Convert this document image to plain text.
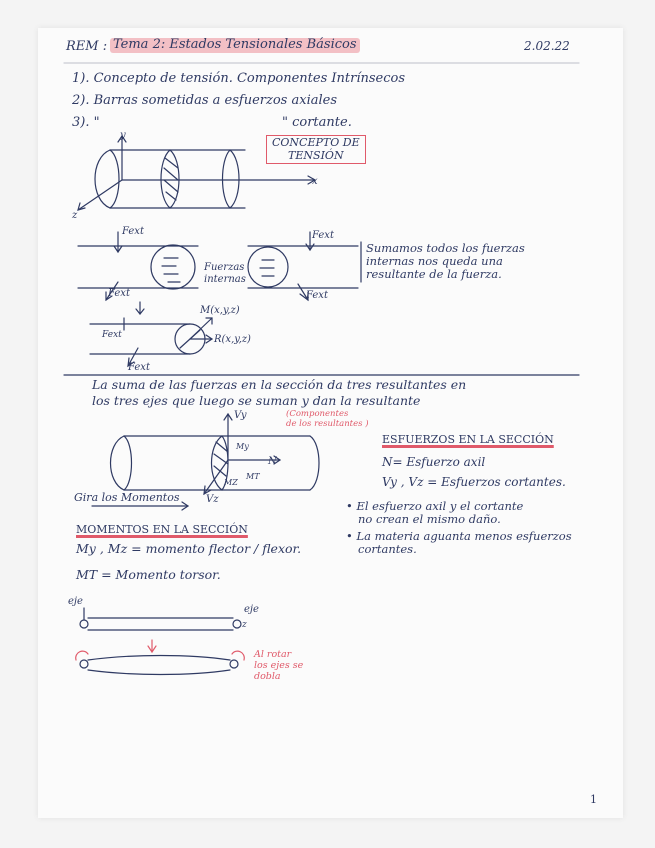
REM : Tema 2: Estados Tensionales Básicos	2.02.22
1). Concepto de tensión. Componentes Intrínsecos
2). Barras sometidas a esfuerzos axiales
3). "	" cortante.
CONCEPTO DE
TENSIÓN
y
x
z
Fext
Fext
Fuerzas
internas
Fext
Fext
Sumamos todos los fuerzas
internas nos queda una
resultante de la fuerza.
M(x,y,z)
R(x,y,z)
Fext
Fext
La suma de las fuerzas en la sección da tres resultantes en
los tres ejes que luego se suman y dan la resultante
Vy	(Componentes
de los resultantes )
My
MT
MZ
N
Vz
Gira los Momentos
ESFUERZOS EN LA SECCIÓN
N= Esfuerzo axil
Vy , Vz = Esfuerzos cortantes.
• El esfuerzo axil y el cortante
no crean el mismo daño.
• La materia aguanta menos esfuerzos
cortantes.
MOMENTOS EN LA SECCIÓN
My , Mz = momento flector / flexor.
MT = Momento torsor.
eje
eje
z
Al rotar
los ejes se
dobla
1
